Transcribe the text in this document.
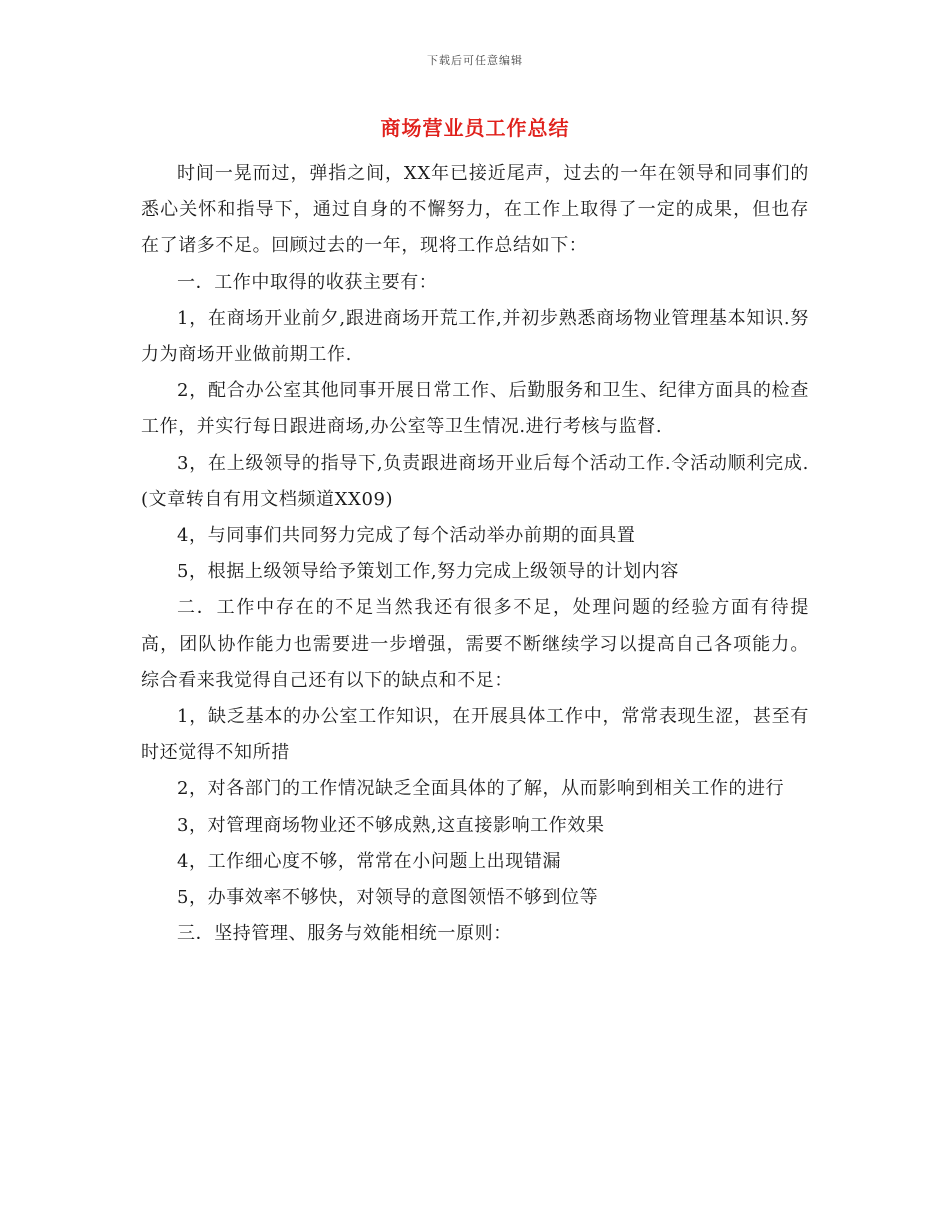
下载后可任意编辑
商场营业员工作总结

时间一晃而过，弹指之间，XX年已接近尾声，过去的一年在领导和同事们的悉心关怀和指导下，通过自身的不懈努力，在工作上取得了一定的成果，但也存在了诸多不足。回顾过去的一年，现将工作总结如下：

一．工作中取得的收获主要有：

1，在商场开业前夕,跟进商场开荒工作,并初步熟悉商场物业管理基本知识.努力为商场开业做前期工作.

2，配合办公室其他同事开展日常工作、后勤服务和卫生、纪律方面具的检查工作，并实行每日跟进商场,办公室等卫生情况.进行考核与监督.

3，在上级领导的指导下,负责跟进商场开业后每个活动工作.令活动顺利完成.(文章转自有用文档频道XX09)

4，与同事们共同努力完成了每个活动举办前期的面具置

5，根据上级领导给予策划工作,努力完成上级领导的计划内容

二．工作中存在的不足当然我还有很多不足，处理问题的经验方面有待提高，团队协作能力也需要进一步增强，需要不断继续学习以提高自己各项能力。综合看来我觉得自己还有以下的缺点和不足：

1，缺乏基本的办公室工作知识，在开展具体工作中，常常表现生涩，甚至有时还觉得不知所措

2，对各部门的工作情况缺乏全面具体的了解，从而影响到相关工作的进行

3，对管理商场物业还不够成熟,这直接影响工作效果

4，工作细心度不够，常常在小问题上出现错漏

5，办事效率不够快，对领导的意图领悟不够到位等

三．坚持管理、服务与效能相统一原则：
